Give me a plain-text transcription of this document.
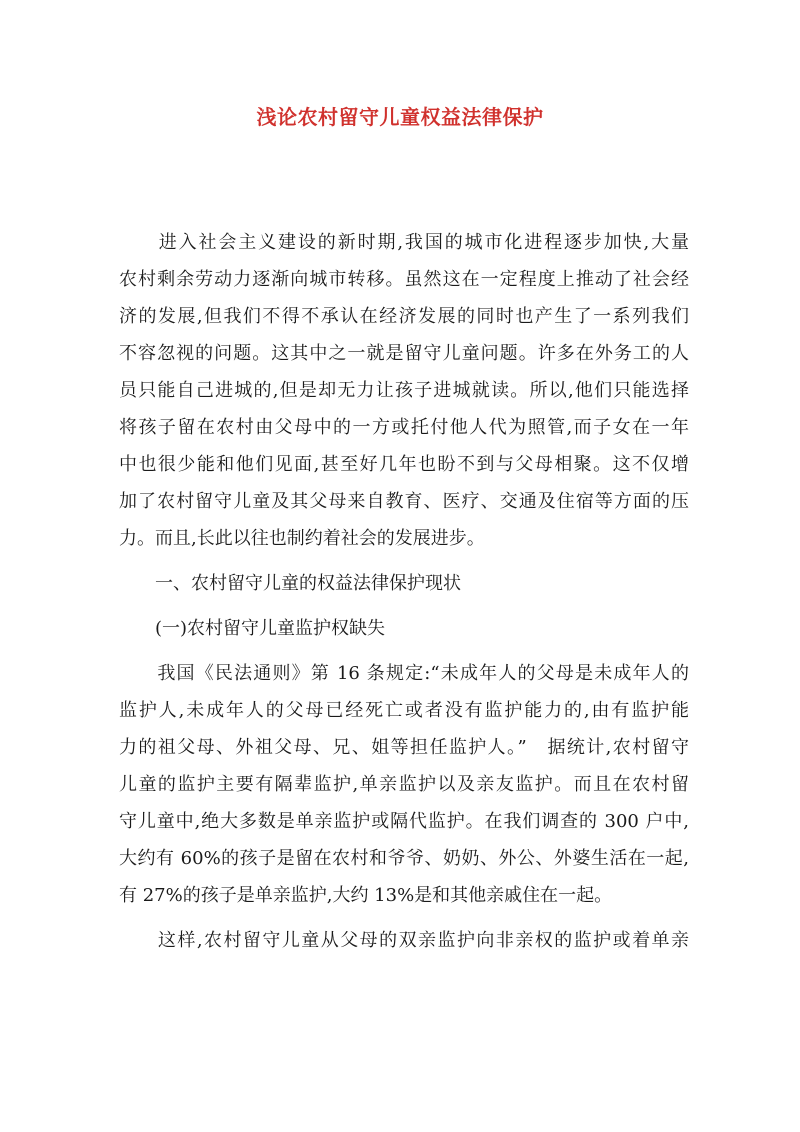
浅论农村留守儿童权益法律保护

　　进入社会主义建设的新时期,我国的城市化进程逐步加快,大量

农村剩余劳动力逐渐向城市转移。虽然这在一定程度上推动了社会经

济的发展,但我们不得不承认在经济发展的同时也产生了一系列我们

不容忽视的问题。这其中之一就是留守儿童问题。许多在外务工的人

员只能自己进城的,但是却无力让孩子进城就读。所以,他们只能选择

将孩子留在农村由父母中的一方或托付他人代为照管,而子女在一年

中也很少能和他们见面,甚至好几年也盼不到与父母相聚。这不仅增

加了农村留守儿童及其父母来自教育、医疗、交通及住宿等方面的压

力。而且,长此以往也制约着社会的发展进步。

　　一、农村留守儿童的权益法律保护现状

　　(一)农村留守儿童监护权缺失

　　我国《民法通则》第 16 条规定:“未成年人的父母是未成年人的

监护人,未成年人的父母已经死亡或者没有监护能力的,由有监护能

力的祖父母、外祖父母、兄、姐等担任监护人。”　据统计,农村留守

儿童的监护主要有隔辈监护,单亲监护以及亲友监护。而且在农村留

守儿童中,绝大多数是单亲监护或隔代监护。在我们调查的 300 户中,

大约有 60%的孩子是留在农村和爷爷、奶奶、外公、外婆生活在一起,

有 27%的孩子是单亲监护,大约 13%是和其他亲戚住在一起。

　　这样,农村留守儿童从父母的双亲监护向非亲权的监护或着单亲
